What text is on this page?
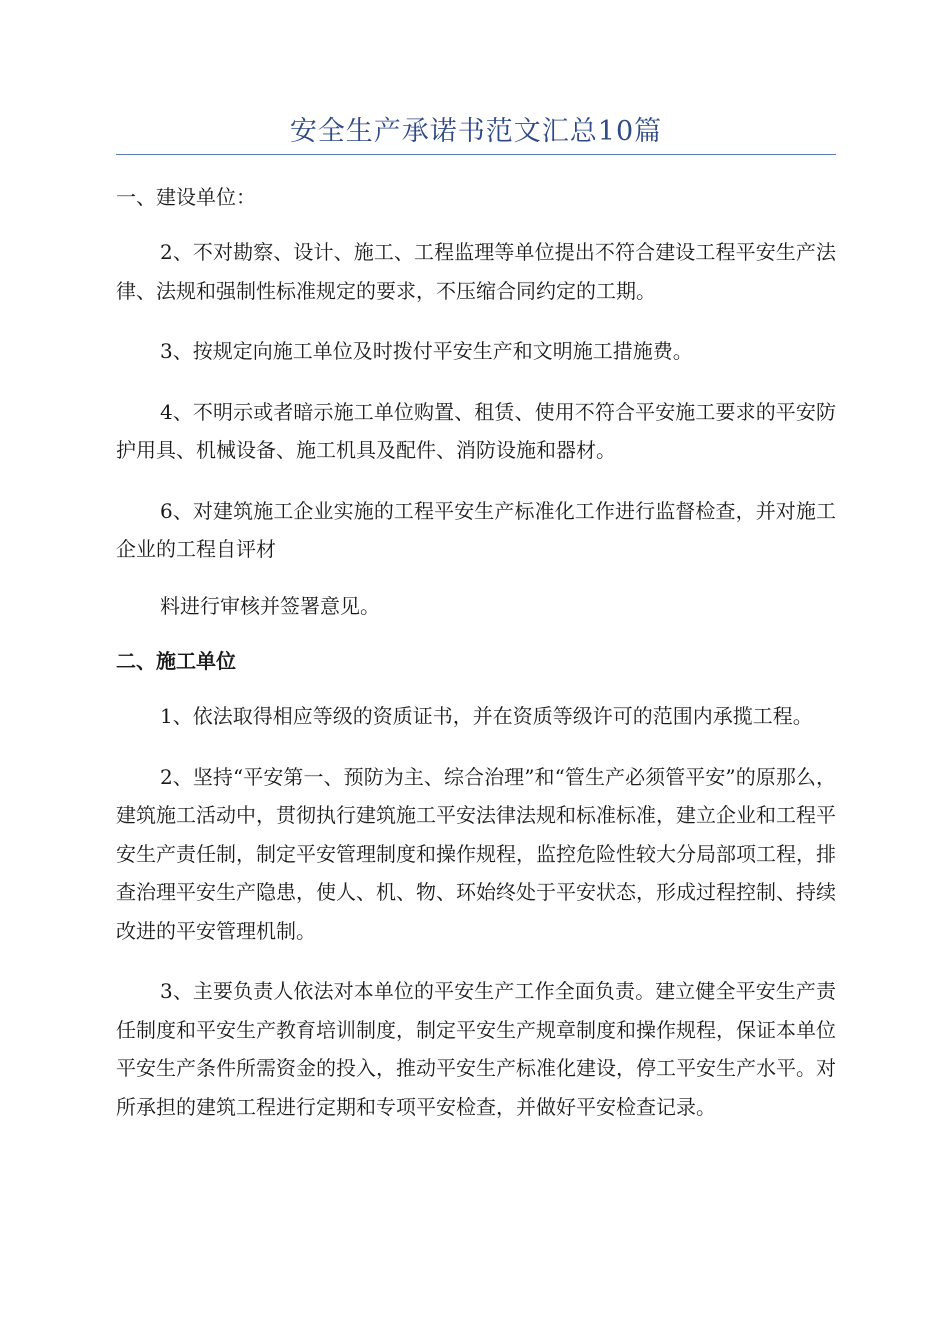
安全生产承诺书范文汇总10篇

一、建设单位：

2、不对勘察、设计、施工、工程监理等单位提出不符合建设工程平安生产法律、法规和强制性标准规定的要求，不压缩合同约定的工期。

3、按规定向施工单位及时拨付平安生产和文明施工措施费。

4、不明示或者暗示施工单位购置、租赁、使用不符合平安施工要求的平安防护用具、机械设备、施工机具及配件、消防设施和器材。

6、对建筑施工企业实施的工程平安生产标准化工作进行监督检查，并对施工企业的工程自评材

料进行审核并签署意见。

二、施工单位

1、依法取得相应等级的资质证书，并在资质等级许可的范围内承揽工程。

2、坚持“平安第一、预防为主、综合治理”和“管生产必须管平安”的原那么，建筑施工活动中，贯彻执行建筑施工平安法律法规和标准标准，建立企业和工程平安生产责任制，制定平安管理制度和操作规程，监控危险性较大分局部项工程，排查治理平安生产隐患，使人、机、物、环始终处于平安状态，形成过程控制、持续改进的平安管理机制。

3、主要负责人依法对本单位的平安生产工作全面负责。建立健全平安生产责任制度和平安生产教育培训制度，制定平安生产规章制度和操作规程，保证本单位平安生产条件所需资金的投入，推动平安生产标准化建设，停工平安生产水平。对所承担的建筑工程进行定期和专项平安检查，并做好平安检查记录。
